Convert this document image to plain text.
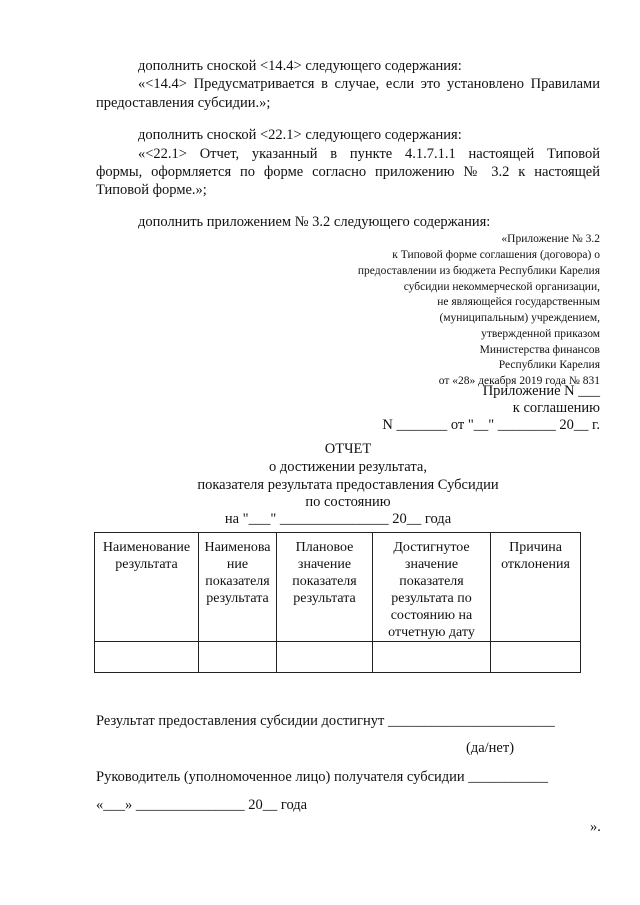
дополнить сноской <14.4> следующего содержания:
«<14.4> Предусматривается в случае, если это установлено Правилами
предоставления субсидии.»;
дополнить сноской <22.1> следующего содержания:
«<22.1> Отчет, указанный в пункте 4.1.7.1.1 настоящей Типовой
формы, оформляется по форме согласно приложению № 3.2 к настоящей
Типовой форме.»;
дополнить приложением № 3.2 следующего содержания:
«Приложение № 3.2
к Типовой форме соглашения (договора) о
предоставлении из бюджета Республики Карелия
субсидии некоммерческой организации,
не являющейся государственным
(муниципальным) учреждением,
утвержденной приказом
Министерства финансов
Республики Карелия
от «28» декабря 2019 года № 831
Приложение N ___
к соглашению
N _______ от "__" ________ 20__ г.
ОТЧЕТ
о достижении результата,
показателя результата предоставления Субсидии
по состоянию
на "___" _______________ 20__ года
Наименование результата	Наименова ние показателя результата	Плановое значение показателя результата	Достигнутое значение показателя результата по состоянию на отчетную дату	Причина отклонения

Результат предоставления субсидии достигнут _______________________
(да/нет)
Руководитель (уполномоченное лицо) получателя субсидии ___________
«___» _______________ 20__ года
».
